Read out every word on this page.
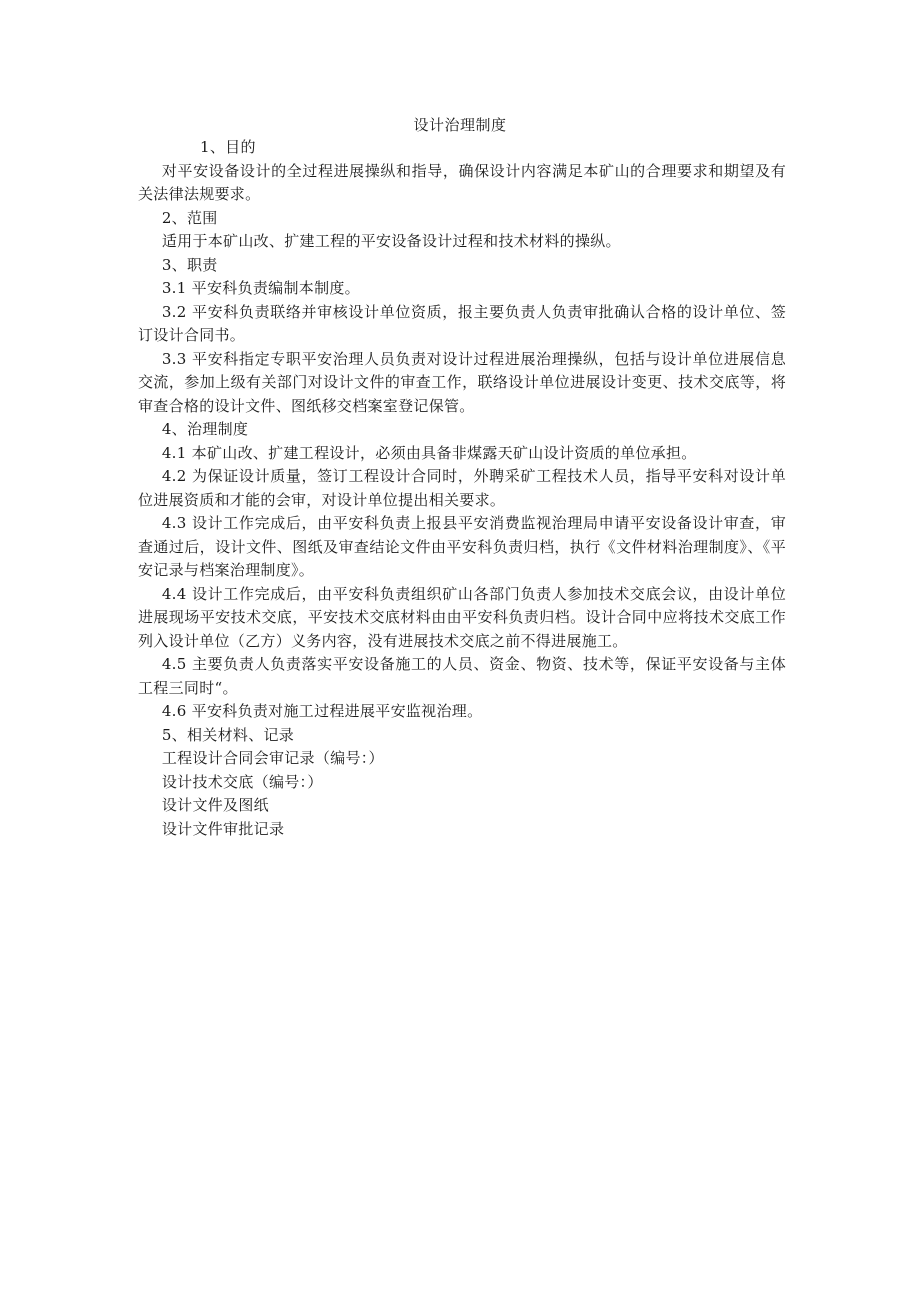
设计治理制度

1、目的

对平安设备设计的全过程进展操纵和指导，确保设计内容满足本矿山的合理要求和期望及有关法律法规要求。

2、范围

适用于本矿山改、扩建工程的平安设备设计过程和技术材料的操纵。

3、职责

3.1 平安科负责编制本制度。

3.2 平安科负责联络并审核设计单位资质，报主要负责人负责审批确认合格的设计单位、签订设计合同书。

3.3 平安科指定专职平安治理人员负责对设计过程进展治理操纵，包括与设计单位进展信息交流，参加上级有关部门对设计文件的审查工作，联络设计单位进展设计变更、技术交底等，将审查合格的设计文件、图纸移交档案室登记保管。

4、治理制度

4.1 本矿山改、扩建工程设计，必须由具备非煤露天矿山设计资质的单位承担。

4.2 为保证设计质量，签订工程设计合同时，外聘采矿工程技术人员，指导平安科对设计单位进展资质和才能的会审，对设计单位提出相关要求。

4.3 设计工作完成后，由平安科负责上报县平安消费监视治理局申请平安设备设计审查，审查通过后，设计文件、图纸及审查结论文件由平安科负责归档，执行《文件材料治理制度》、《平安记录与档案治理制度》。

4.4 设计工作完成后，由平安科负责组织矿山各部门负责人参加技术交底会议，由设计单位进展现场平安技术交底，平安技术交底材料由由平安科负责归档。设计合同中应将技术交底工作列入设计单位（乙方）义务内容，没有进展技术交底之前不得进展施工。

4.5 主要负责人负责落实平安设备施工的人员、资金、物资、技术等，保证平安设备与主体工程三同时“。

4.6 平安科负责对施工过程进展平安监视治理。

5、相关材料、记录

工程设计合同会审记录（编号：）

设计技术交底（编号：）

设计文件及图纸

设计文件审批记录
